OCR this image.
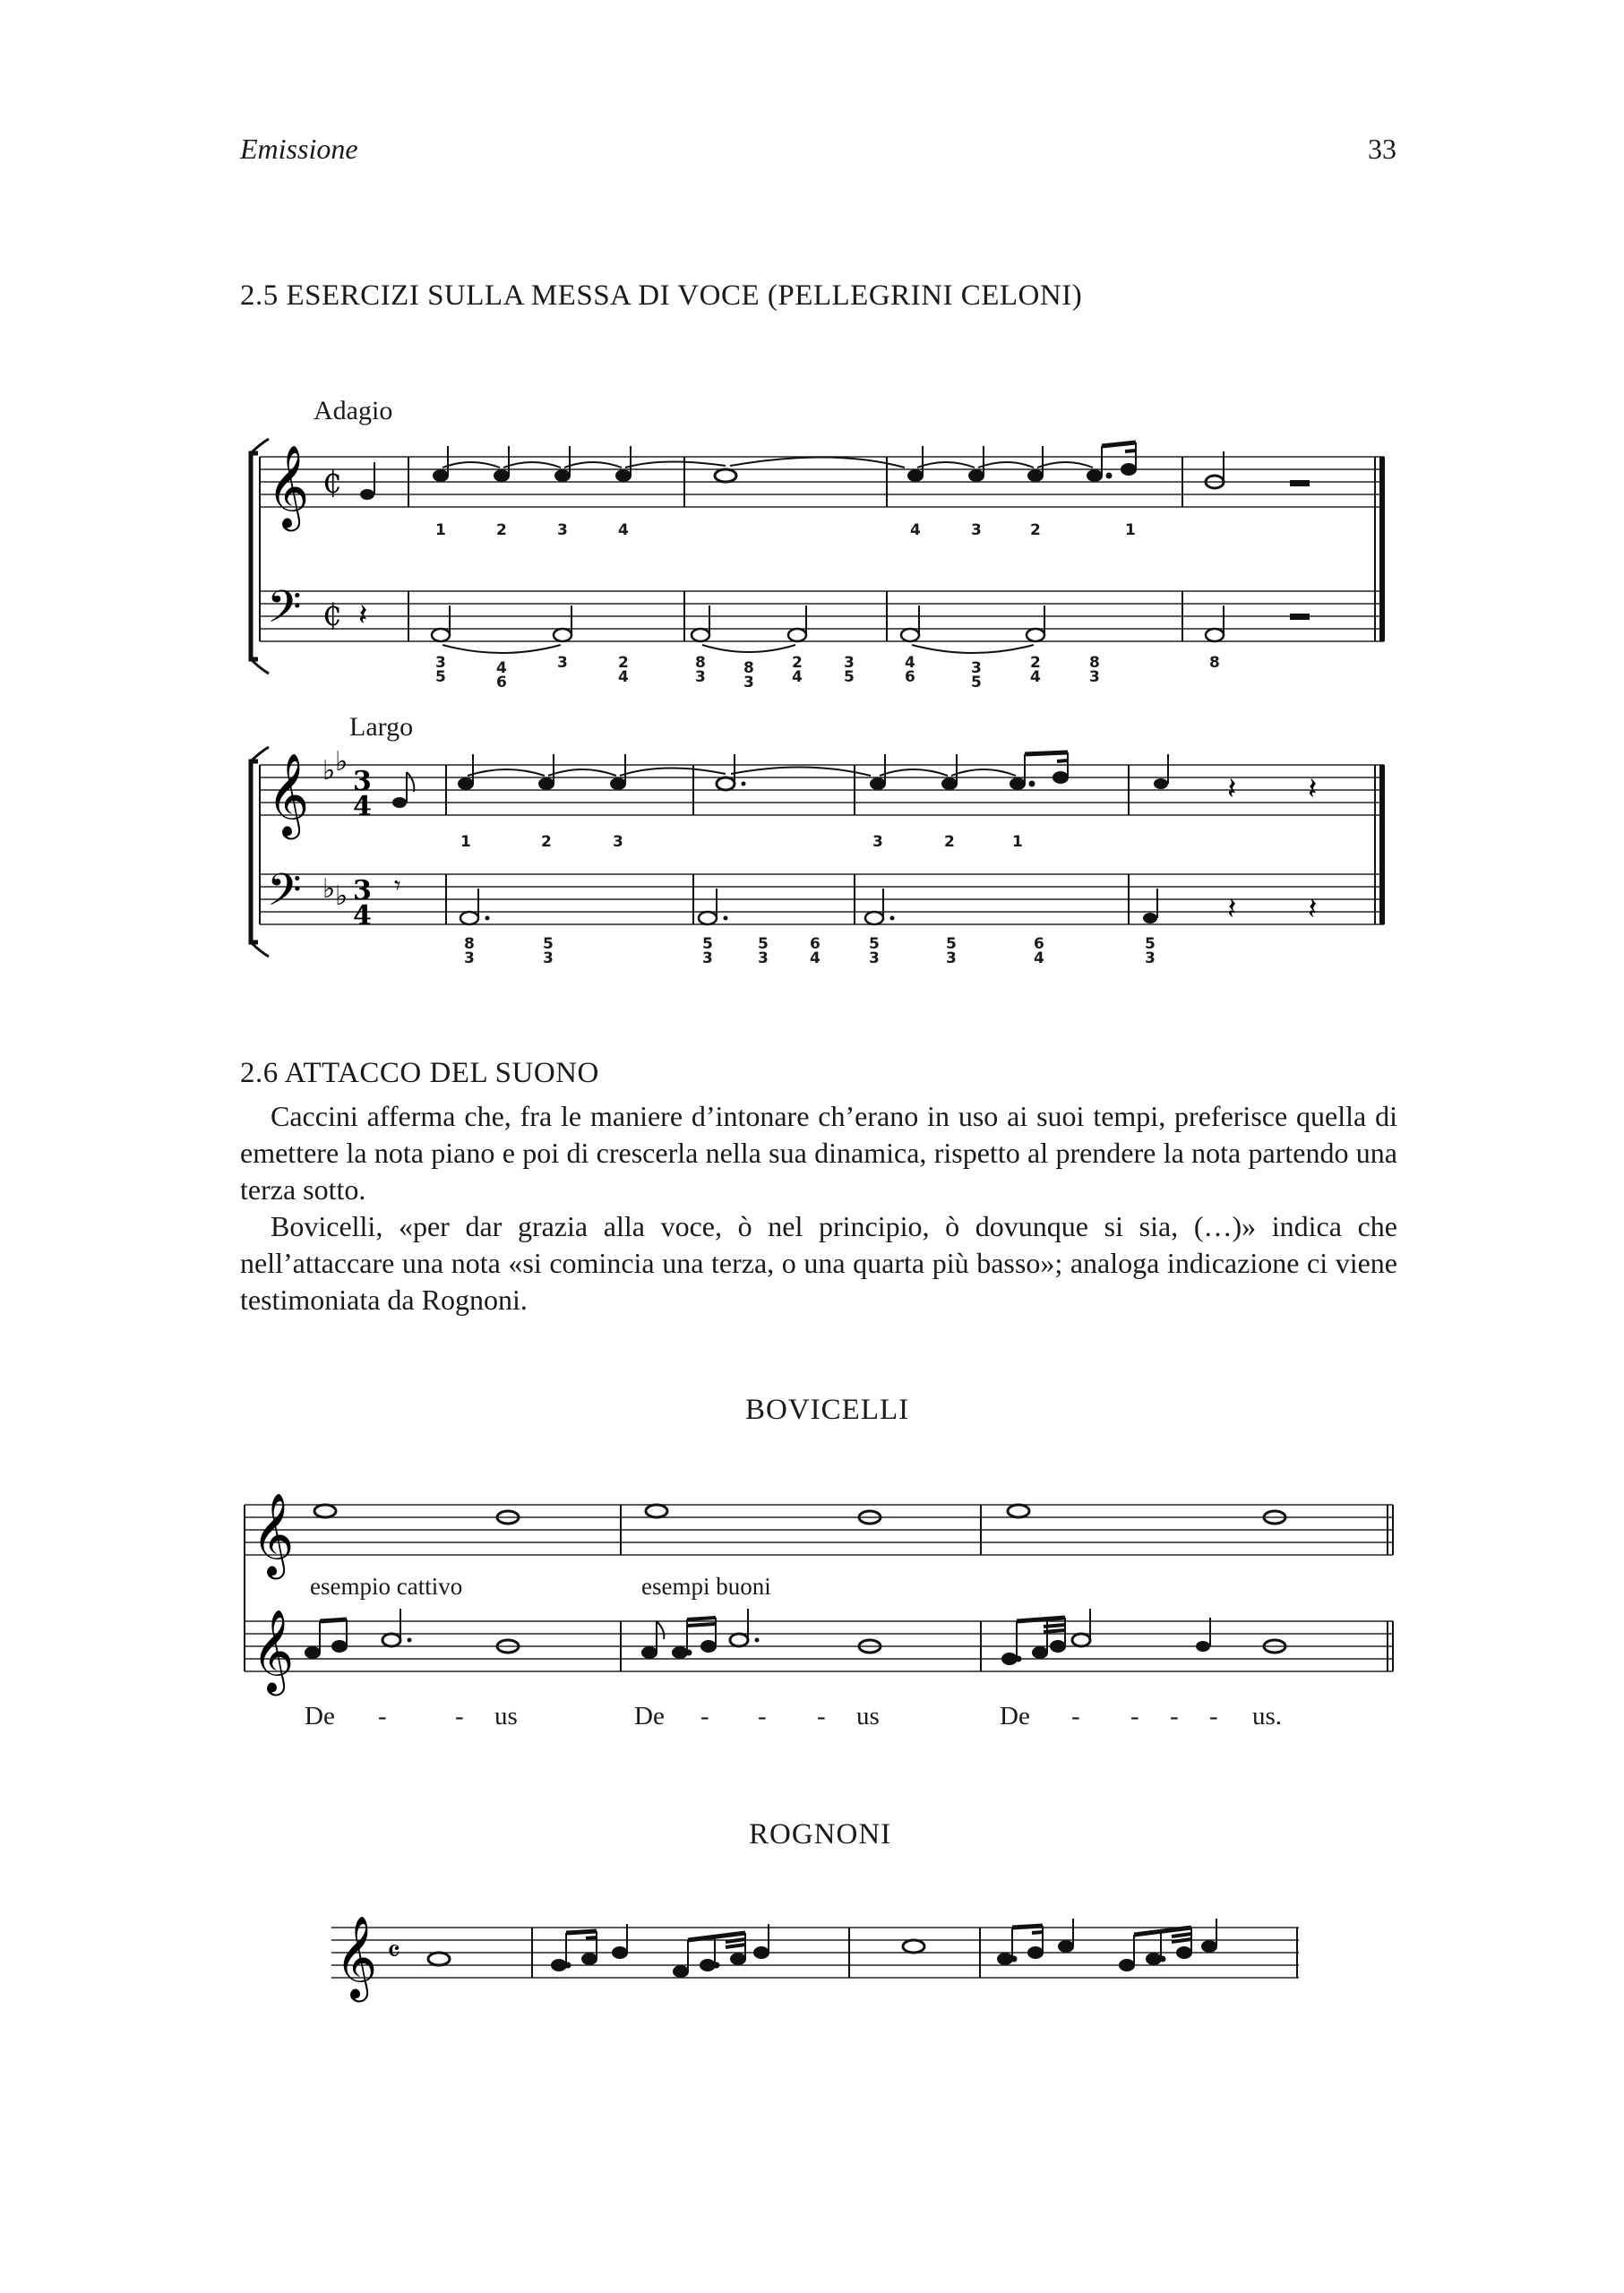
Emissione	33
2.5 ESERCIZI SULLA MESSA DI VOCE (PELLEGRINI CELONI)
Adagio
𝄞
𝄢
₵
₵ 𝄽
1	2	3	4	4	3	2	1
3
5	4
6
3	2
4
8
3 8
3
2
4
3
5
4
6	3
5
2
4
8
3
8
Largo
𝄞
𝄢
♭ ♭
♭ ♭
3
4
3
4
𝄾
𝄽 𝄽
𝄽 𝄽
1	2	3	3	2	1
8
3
5
3
5
3
5
3
6
4
5
3
5
3
6
4
5
3
2.6 ATTACCO DEL SUONO

Caccini afferma che, fra le maniere d’intonare ch’erano in uso ai suoi tempi, preferisce quella di emettere la nota piano e poi di crescerla nella sua dinamica, rispetto al prendere la nota partendo una terza sotto.

Bovicelli, «per dar grazia alla voce, ò nel principio, ò dovunque si sia, (…)» indica che nell’attaccare una nota «si comincia una terza, o una quarta più basso»; analoga indicazione ci viene testimoniata da Rognoni.

BOVICELLI
𝄞
𝄞
esempio cattivo	esempi buoni
De -	- us	De - - - us	De - - - - us.
ROGNONI
𝄞 𝄴
